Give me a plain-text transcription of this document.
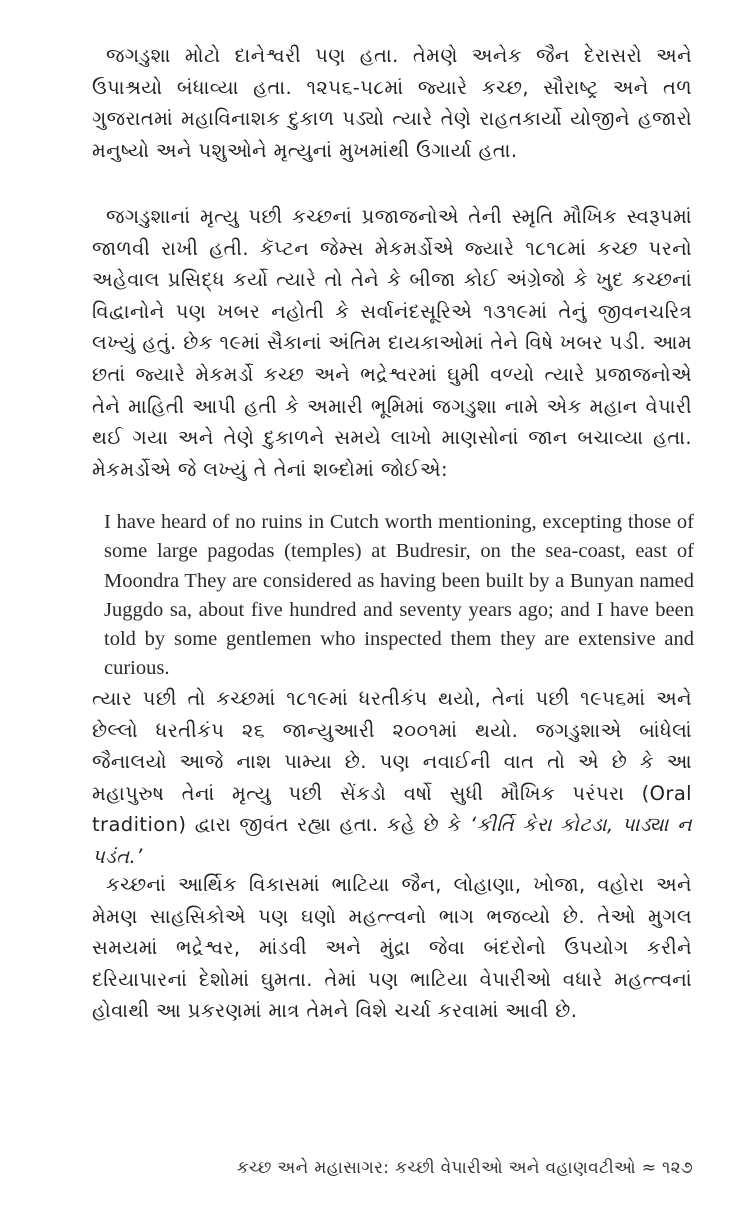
જગડુશા મોટો દાનેશ્વરી પણ હતા. તેમણે અનેક જૈન દેરાસરો અને ઉપાશ્રયો બંધાવ્યા હતા. ૧૨૫૬-૫૮માં જ્યારે કચ્છ, સૌરાષ્ટ્ર અને તળ ગુજરાતમાં મહાવિનાશક દુકાળ પડ્યો ત્યારે તેણે રાહતકાર્યો યોજીને હજારો મનુષ્યો અને પશુઓને મૃત્યુનાં મુખમાંથી ઉગાર્યા હતા.

જગડુશાનાં મૃત્યુ પછી કચ્છનાં પ્રજાજનોએ તેની સ્મૃતિ મૌખિક સ્વરૂપમાં જાળવી રાખી હતી. કૅપ્ટન જેમ્સ મેકમર્ડોએ જ્યારે ૧૮૧૮માં કચ્છ પરનો અહેવાલ પ્રસિદ્ધ કર્યો ત્યારે તો તેને કે બીજા કોઈ અંગ્રેજો કે ખુદ કચ્છનાં વિદ્વાનોને પણ ખબર નહોતી કે સર્વાનંદસૂરિએ ૧૩૧૯માં તેનું જીવનચરિત્ર લખ્યું હતું. છેક ૧૯માં સૈકાનાં અંતિમ દાયકાઓમાં તેને વિષે ખબર પડી. આમ છતાં જ્યારે મેકમર્ડો કચ્છ અને ભદ્રેશ્વરમાં ઘુમી વળ્યો ત્યારે પ્રજાજનોએ તેને માહિતી આપી હતી કે અમારી ભૂમિમાં જગડુશા નામે એક મહાન વેપારી થઈ ગયા અને તેણે દુકાળને સમયે લાખો માણસોનાં જાન બચાવ્યા હતા. મેકમર્ડોએ જે લખ્યું તે તેનાં શબ્દોમાં જોઈએ:

I have heard of no ruins in Cutch worth mentioning, excepting those of some large pagodas (temples) at Budresir, on the sea-coast, east of Moondra They are considered as having been built by a Bunyan named Juggdo sa, about five hundred and seventy years ago; and I have been told by some gentlemen who inspected them they are extensive and curious.

ત્યાર પછી તો કચ્છમાં ૧૮૧૯માં ધરતીકંપ થયો, તેનાં પછી ૧૯૫૬માં અને છેલ્લો ધરતીકંપ ૨૬ જાન્યુઆરી ૨૦૦૧માં થયો. જગડુશાએ બાંધેલાં જૈનાલયો આજે નાશ પામ્યા છે. પણ નવાઈની વાત તો એ છે કે આ મહાપુરુષ તેનાં મૃત્યુ પછી સેંકડો વર્ષો સુધી મૌખિક પરંપરા (Oral tradition) દ્વારા જીવંત રહ્યા હતા. કહે છે કે ‘કીર્તિ કેરા કોટડા, પાડ્યા ન પડંત.’

કચ્છનાં આર્થિક વિકાસમાં ભાટિયા જૈન, લોહાણા, ખોજા, વહોરા અને મેમણ સાહસિકોએ પણ ઘણો મહત્ત્વનો ભાગ ભજવ્યો છે. તેઓ મુગલ સમયમાં ભદ્રેશ્વર, માંડવી અને મુંદ્રા જેવા બંદરોનો ઉપયોગ કરીને દરિયાપારનાં દેશોમાં ઘુમતા. તેમાં પણ ભાટિયા વેપારીઓ વધારે મહત્ત્વનાં હોવાથી આ પ્રકરણમાં માત્ર તેમને વિશે ચર્ચા કરવામાં આવી છે.

કચ્છ અને મહાસાગર: કચ્છી વેપારીઓ અને વહાણવટીઓ ≈ ૧૨૭
